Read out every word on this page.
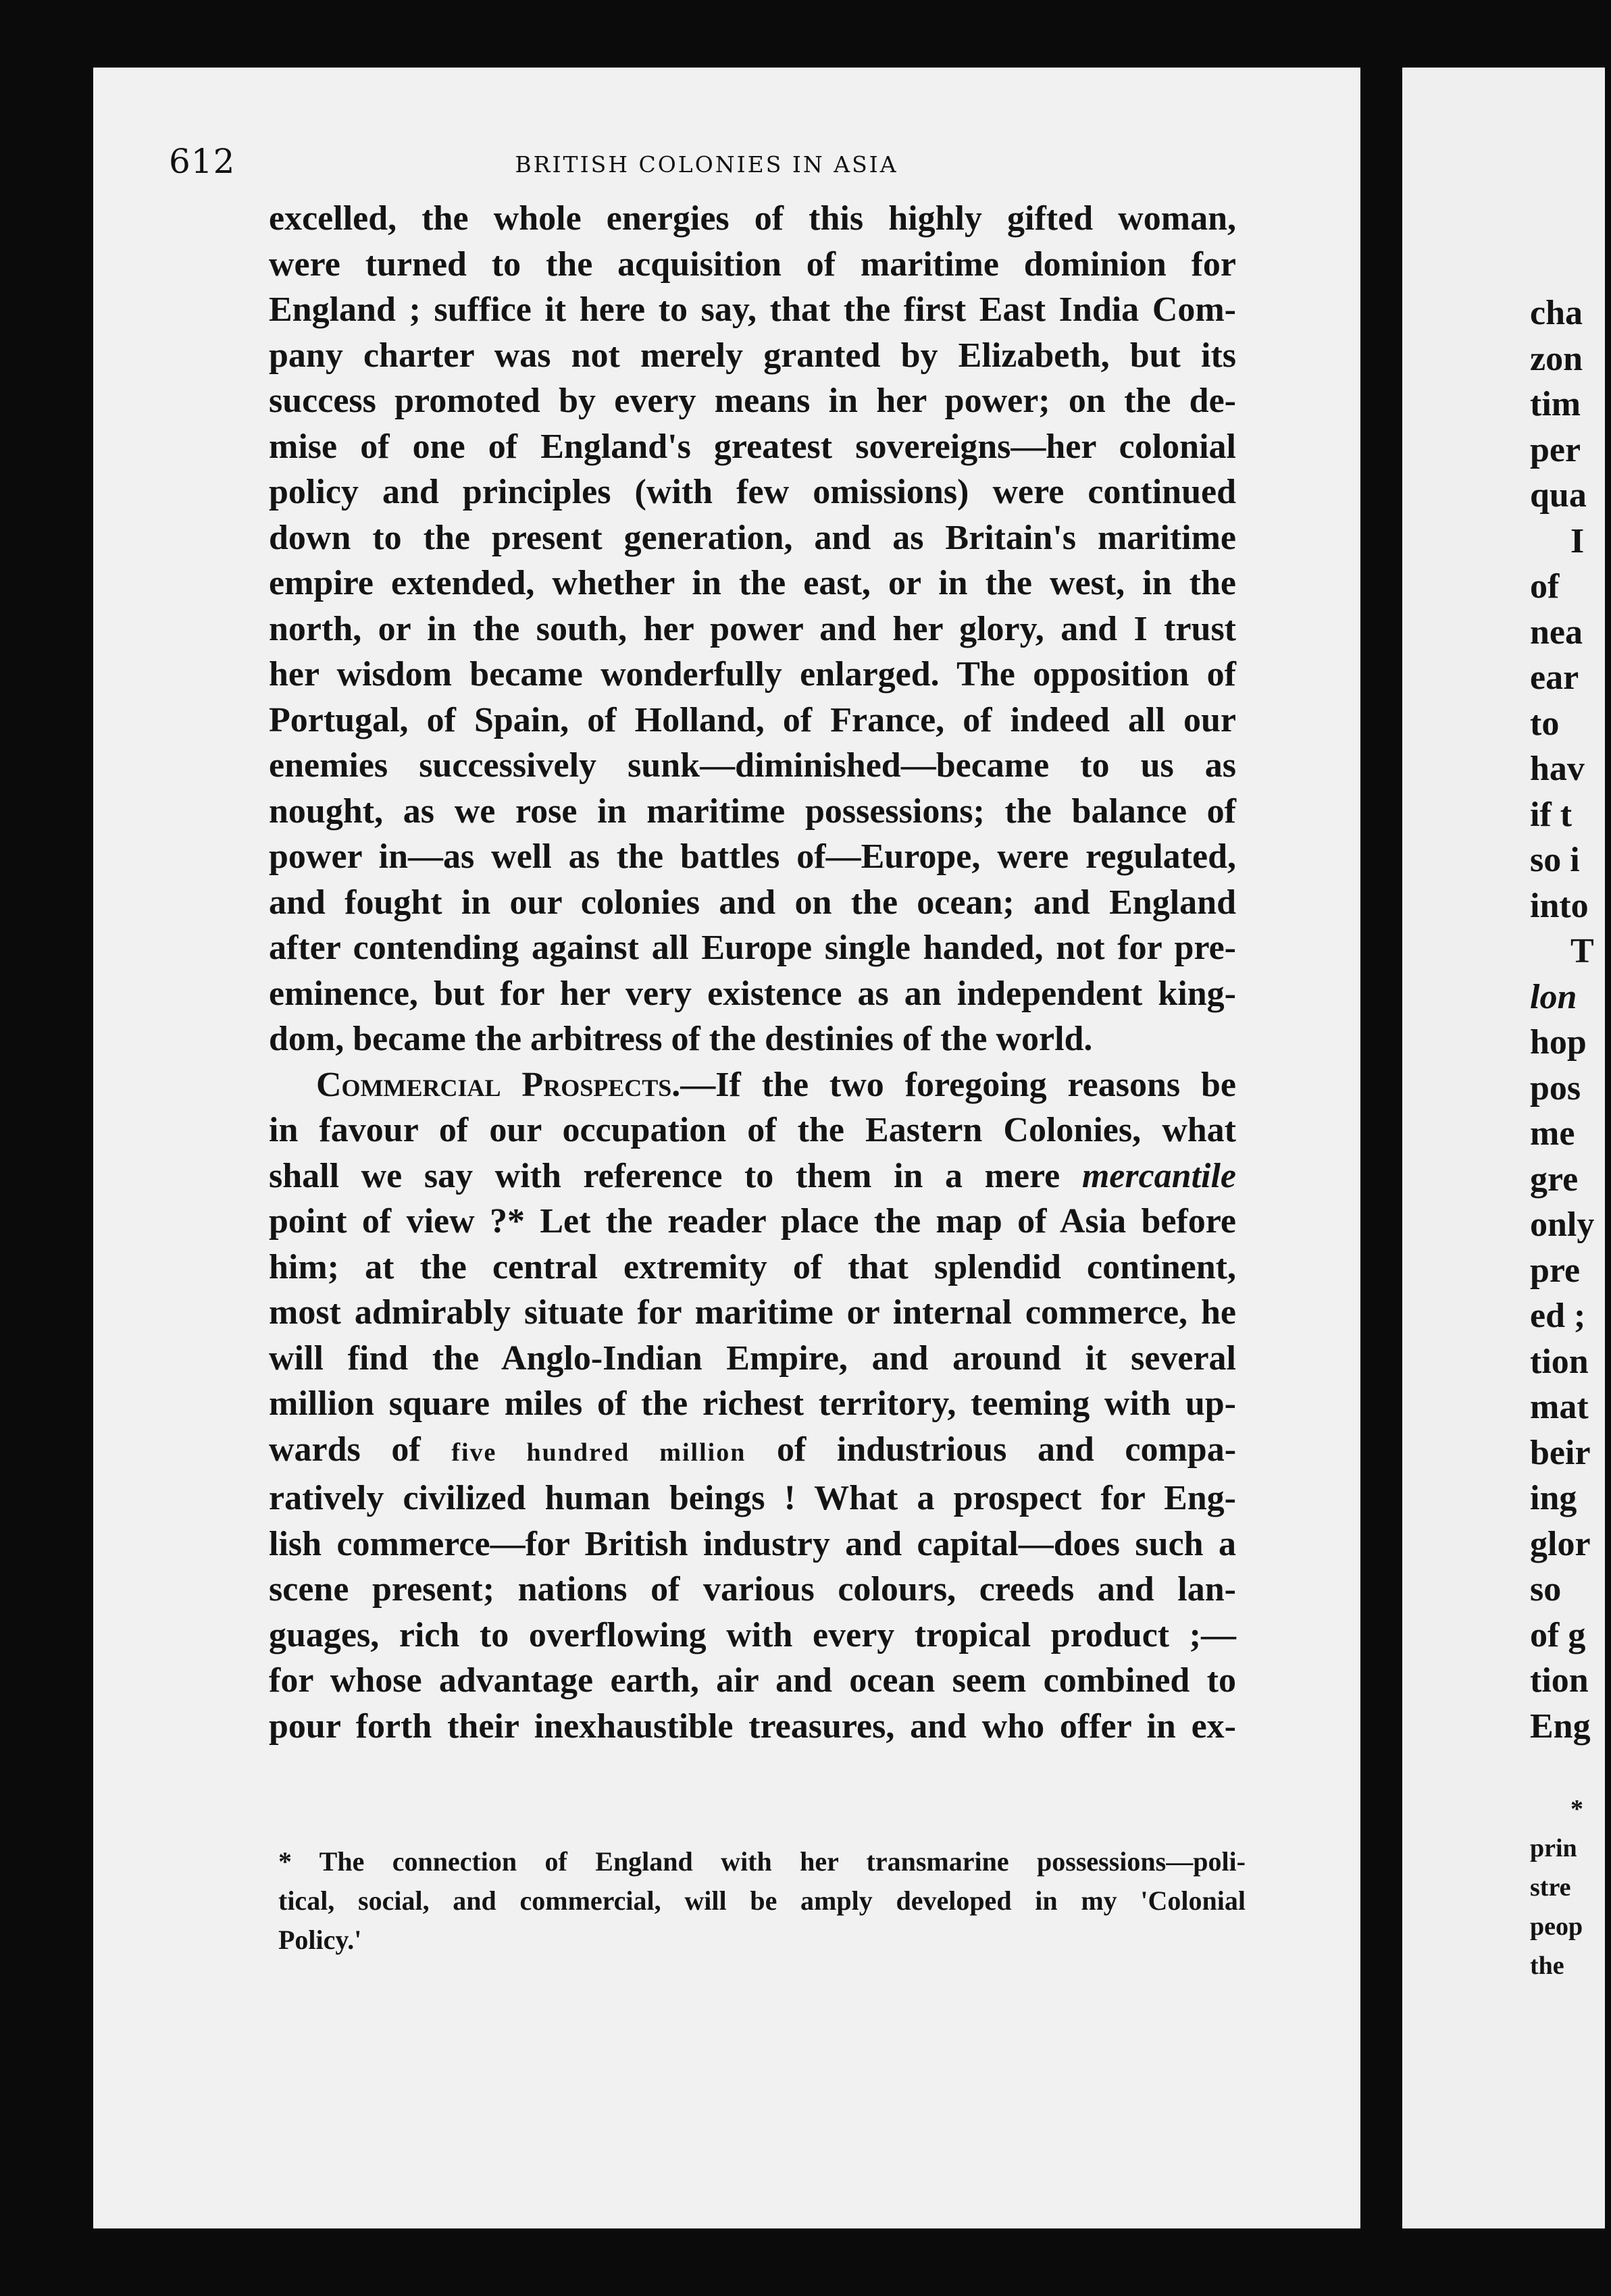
612	BRITISH COLONIES IN ASIA
excelled, the whole energies of this highly gifted woman,
were turned to the acquisition of maritime dominion for
England ; suffice it here to say, that the first East India Com-
pany charter was not merely granted by Elizabeth, but its
success promoted by every means in her power; on the de-
mise of one of England's greatest sovereigns—her colonial
policy and principles (with few omissions) were continued
down to the present generation, and as Britain's maritime
empire extended, whether in the east, or in the west, in the
north, or in the south, her power and her glory, and I trust
her wisdom became wonderfully enlarged. The opposition of
Portugal, of Spain, of Holland, of France, of indeed all our
enemies successively sunk—diminished—became to us as
nought, as we rose in maritime possessions; the balance of
power in—as well as the battles of—Europe, were regulated,
and fought in our colonies and on the ocean; and England
after contending against all Europe single handed, not for pre-
eminence, but for her very existence as an independent king-
dom, became the arbitress of the destinies of the world.
Commercial Prospects.—If the two foregoing reasons be
in favour of our occupation of the Eastern Colonies, what
shall we say with reference to them in a mere mercantile
point of view ?* Let the reader place the map of Asia before
him; at the central extremity of that splendid continent,
most admirably situate for maritime or internal commerce, he
will find the Anglo-Indian Empire, and around it several
million square miles of the richest territory, teeming with up-
wards of five hundred million of industrious and compa-
ratively civilized human beings ! What a prospect for Eng-
lish commerce—for British industry and capital—does such a
scene present; nations of various colours, creeds and lan-
guages, rich to overflowing with every tropical product ;—
for whose advantage earth, air and ocean seem combined to
pour forth their inexhaustible treasures, and who offer in ex-
* The connection of England with her transmarine possessions—poli-
tical, social, and commercial, will be amply developed in my 'Colonial
Policy.'
cha
zon
tim
per
qua
I
of
nea
ear
to
hav
if t
so i
into
T
lon
hop
pos
me
gre
only
pre
ed ;
tion
mat
beir
ing
glor
so
of g
tion
Eng
*
prin
stre
peop
the
